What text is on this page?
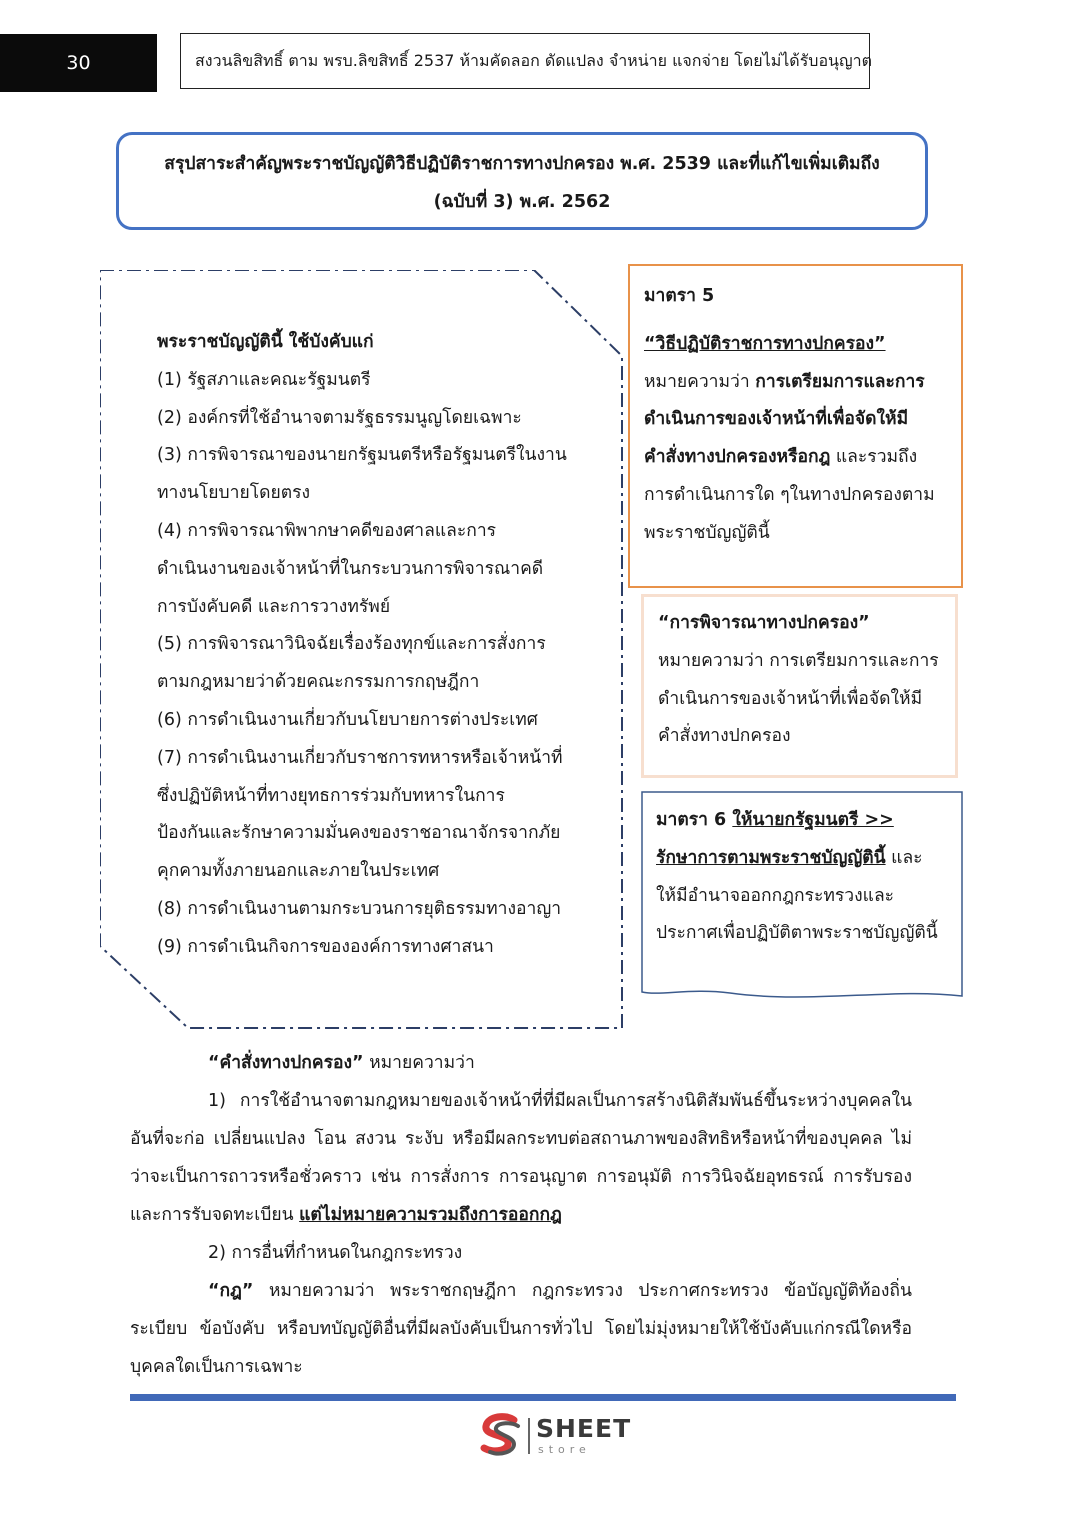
30	สงวนลิขสิทธิ์ ตาม พรบ.ลิขสิทธิ์ 2537 ห้ามคัดลอก ดัดแปลง จำหน่าย แจกจ่าย โดยไม่ได้รับอนุญาต
สรุปสาระสำคัญพระราชบัญญัติวิธีปฏิบัติราชการทางปกครอง พ.ศ. 2539 และที่แก้ไขเพิ่มเติมถึง
(ฉบับที่ 3) พ.ศ. 2562
พระราชบัญญัตินี้ ใช้บังคับแก่
(1) รัฐสภาและคณะรัฐมนตรี
(2) องค์กรที่ใช้อำนาจตามรัฐธรรมนูญโดยเฉพาะ
(3) การพิจารณาของนายกรัฐมนตรีหรือรัฐมนตรีในงาน
ทางนโยบายโดยตรง
(4) การพิจารณาพิพากษาคดีของศาลและการ
ดำเนินงานของเจ้าหน้าที่ในกระบวนการพิจารณาคดี
การบังคับคดี และการวางทรัพย์
(5) การพิจารณาวินิจฉัยเรื่องร้องทุกข์และการสั่งการ
ตามกฎหมายว่าด้วยคณะกรรมการกฤษฎีกา
(6) การดำเนินงานเกี่ยวกับนโยบายการต่างประเทศ
(7) การดำเนินงานเกี่ยวกับราชการทหารหรือเจ้าหน้าที่
ซึ่งปฏิบัติหน้าที่ทางยุทธการร่วมกับทหารในการ
ป้องกันและรักษาความมั่นคงของราชอาณาจักรจากภัย
คุกคามทั้งภายนอกและภายในประเทศ
(8) การดำเนินงานตามกระบวนการยุติธรรมทางอาญา
(9) การดำเนินกิจการขององค์การทางศาสนา
มาตรา 5
“วิธีปฏิบัติราชการทางปกครอง”
หมายความว่า การเตรียมการและการ
ดำเนินการของเจ้าหน้าที่เพื่อจัดให้มี
คำสั่งทางปกครองหรือกฎ และรวมถึง
การดำเนินการใด ๆในทางปกครองตาม
พระราชบัญญัตินี้
“การพิจารณาทางปกครอง”
หมายความว่า การเตรียมการและการ
ดำเนินการของเจ้าหน้าที่เพื่อจัดให้มี
คำสั่งทางปกครอง
มาตรา 6 ให้นายกรัฐมนตรี >>
รักษาการตามพระราชบัญญัตินี้ และ
ให้มีอำนาจออกกฎกระทรวงและ
ประกาศเพื่อปฏิบัติตาพระราชบัญญัตินี้
“คำสั่งทางปกครอง” หมายความว่า
1) การใช้อำนาจตามกฎหมายของเจ้าหน้าที่ที่มีผลเป็นการสร้างนิติสัมพันธ์ขึ้นระหว่างบุคคลใน
อันที่จะก่อ เปลี่ยนแปลง โอน สงวน ระงับ หรือมีผลกระทบต่อสถานภาพของสิทธิหรือหน้าที่ของบุคคล ไม่
ว่าจะเป็นการถาวรหรือชั่วคราว เช่น การสั่งการ การอนุญาต การอนุมัติ การวินิจฉัยอุทธรณ์ การรับรอง
และการรับจดทะเบียน แต่ไม่หมายความรวมถึงการออกกฎ
2) การอื่นที่กำหนดในกฎกระทรวง
“กฎ” หมายความว่า พระราชกฤษฎีกา กฎกระทรวง ประกาศกระทรวง ข้อบัญญัติท้องถิ่น
ระเบียบ ข้อบังคับ หรือบทบัญญัติอื่นที่มีผลบังคับเป็นการทั่วไป โดยไม่มุ่งหมายให้ใช้บังคับแก่กรณีใดหรือ
บุคคลใดเป็นการเฉพาะ
SHEET
store
